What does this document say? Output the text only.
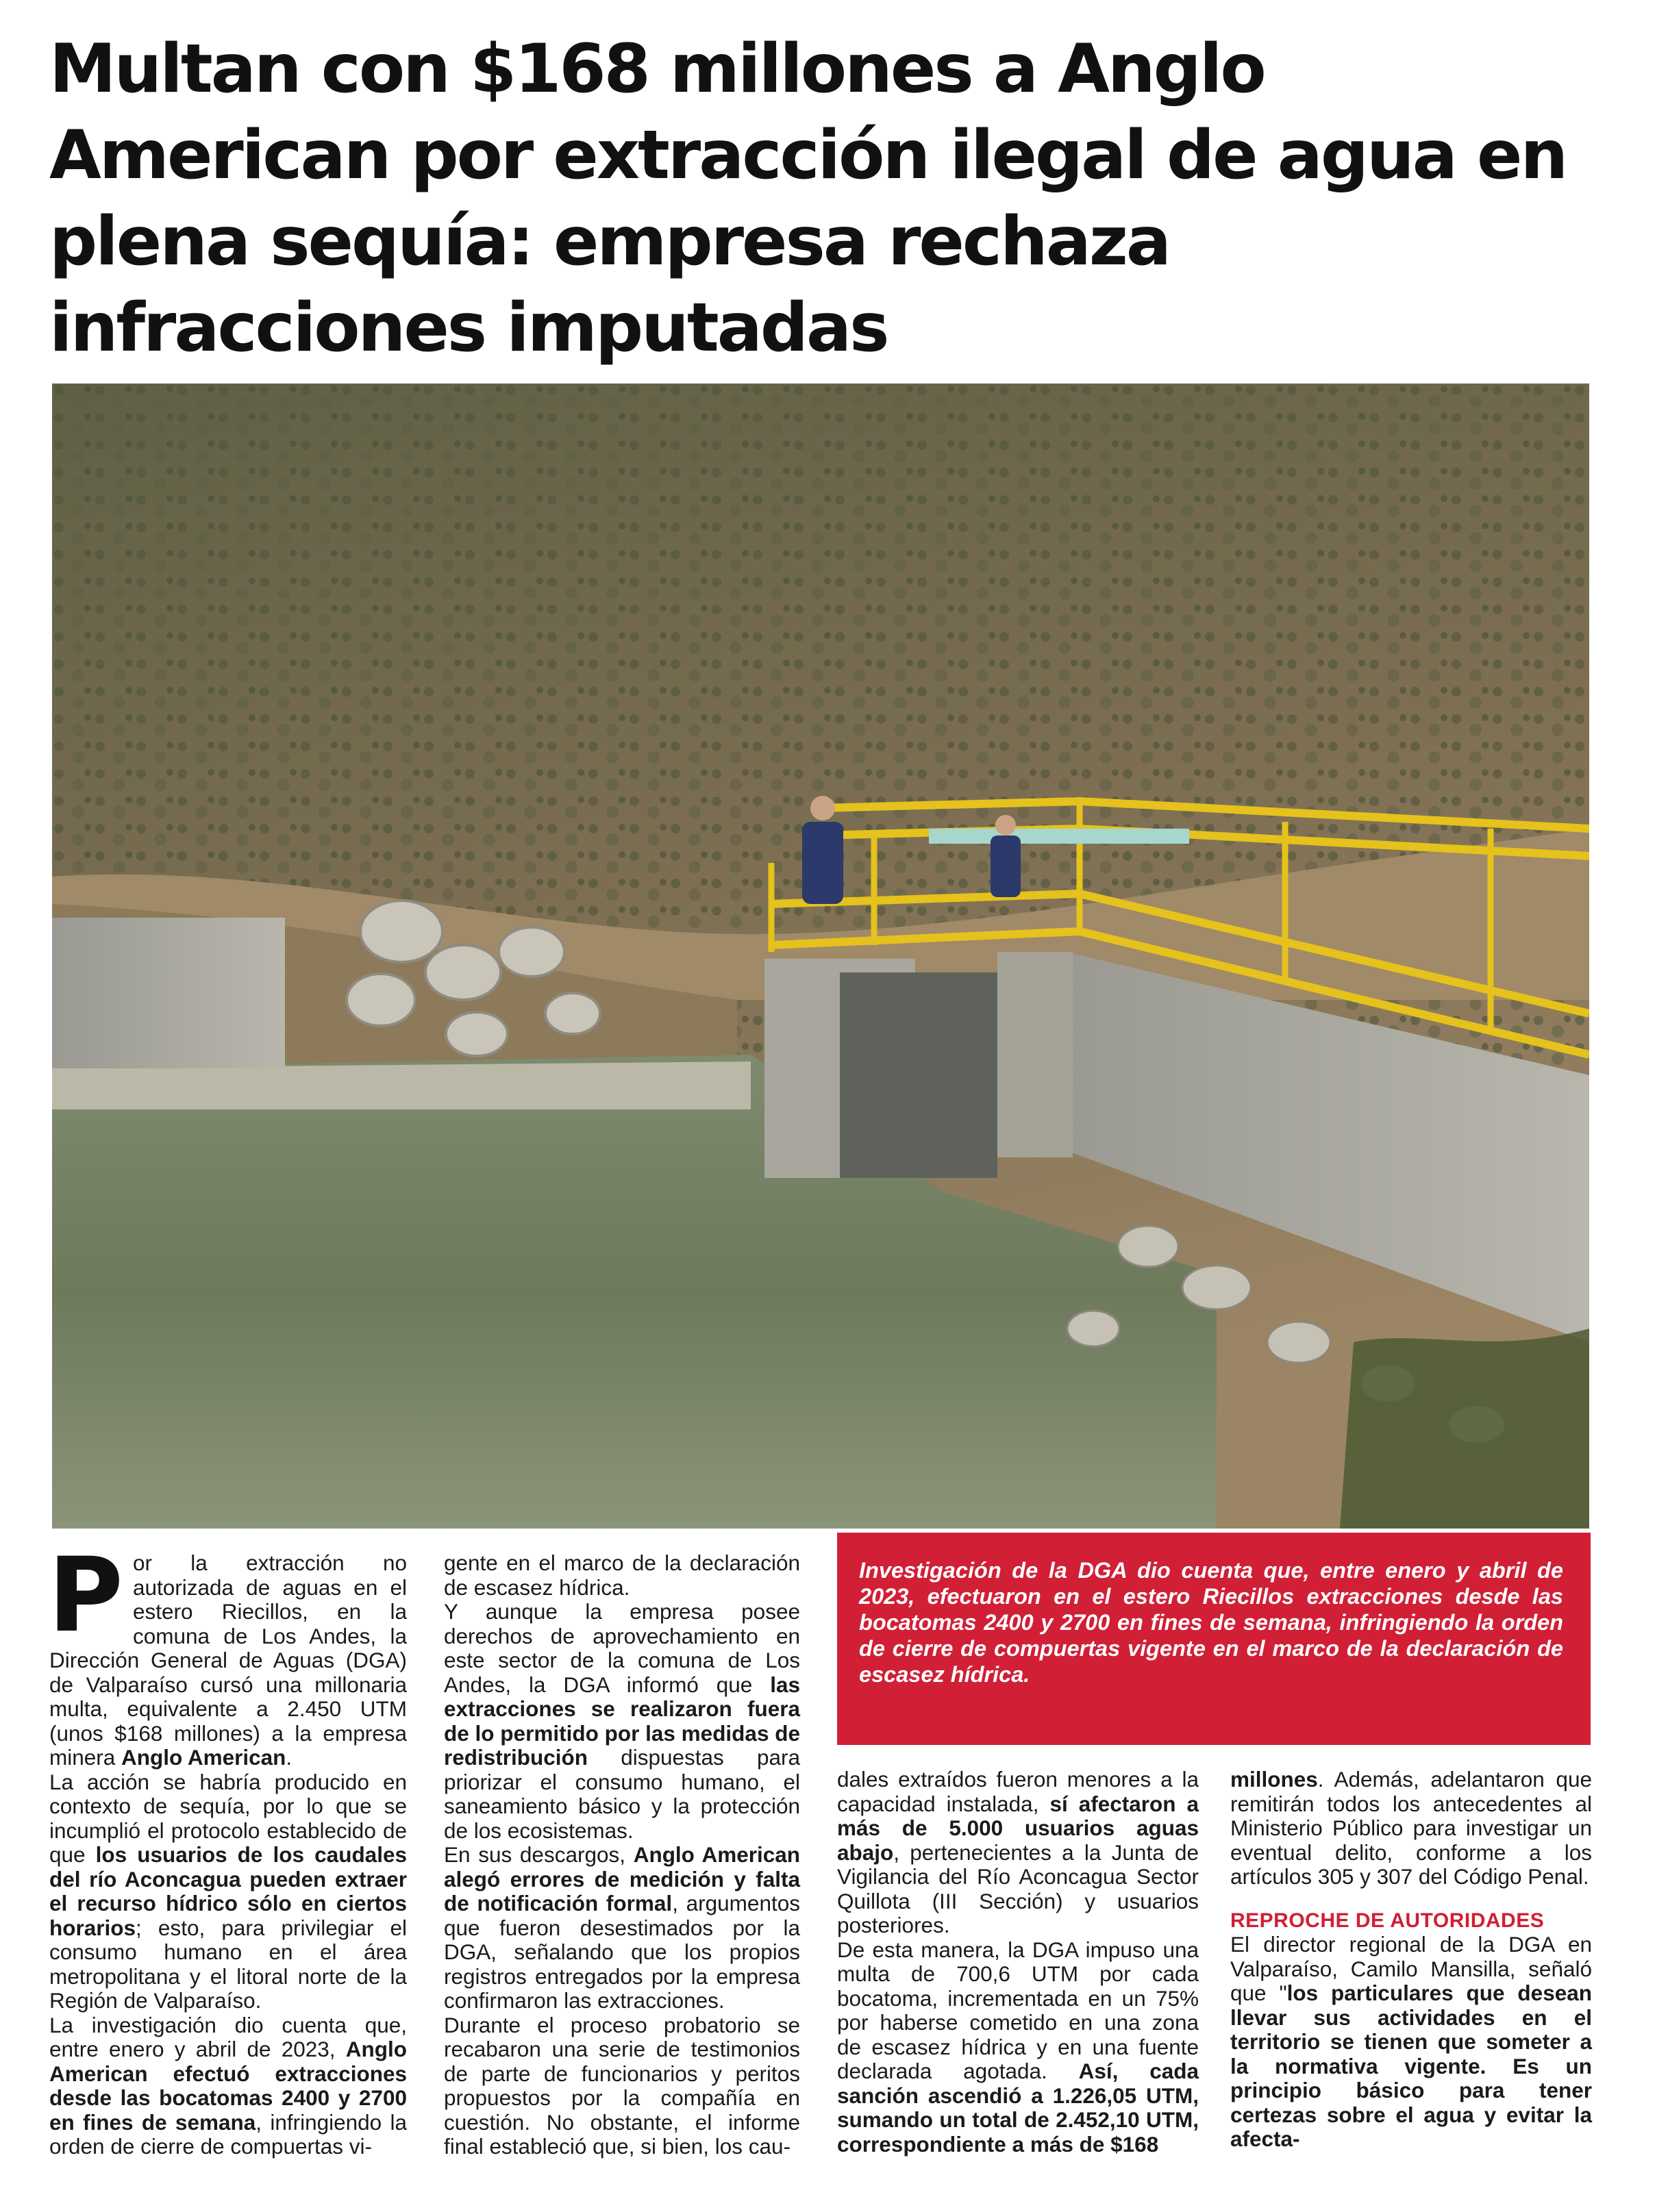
Multan con $168 millones a Anglo American por extracción ilegal de agua en plena sequía: empresa rechaza infracciones imputadas

Por la extracción no autorizada de aguas en el estero Riecillos, en la comuna de Los Andes, la Dirección General de Aguas (DGA) de Valparaíso cursó una millonaria multa, equivalente a 2.450 UTM (unos $168 millones) a la empresa minera Anglo American.

La acción se habría producido en contexto de sequía, por lo que se incumplió el protocolo establecido de que los usuarios de los caudales del río Aconcagua pueden extraer el recurso hídrico sólo en ciertos horarios; esto, para privilegiar el consumo humano en el área metropolitana y el litoral norte de la Región de Valparaíso.

La investigación dio cuenta que, entre enero y abril de 2023, Anglo American efectuó extracciones desde las bocatomas 2400 y 2700 en fines de semana, infringiendo la orden de cierre de compuertas vi-

gente en el marco de la declaración de escasez hídrica.

Y aunque la empresa posee derechos de aprovechamiento en este sector de la comuna de Los Andes, la DGA informó que las extracciones se realizaron fuera de lo permitido por las medidas de redistribución dispuestas para priorizar el consumo humano, el saneamiento básico y la protección de los ecosistemas.

En sus descargos, Anglo American alegó errores de medición y falta de notificación formal, argumentos que fueron desestimados por la DGA, señalando que los propios registros entregados por la empresa confirmaron las extracciones.

Durante el proceso probatorio se recabaron una serie de testimonios de parte de funcionarios y peritos propuestos por la compañía en cuestión. No obstante, el informe final estableció que, si bien, los cau-

Investigación de la DGA dio cuenta que, entre enero y abril de 2023, efectuaron en el estero Riecillos extracciones desde las bocatomas 2400 y 2700 en fines de semana, infringiendo la orden de cierre de compuertas vigente en el marco de la declaración de escasez hídrica.

dales extraídos fueron menores a la capacidad instalada, sí afectaron a más de 5.000 usuarios aguas abajo, pertenecientes a la Junta de Vigilancia del Río Aconcagua Sector Quillota (III Sección) y usuarios posteriores.

De esta manera, la DGA impuso una multa de 700,6 UTM por cada bocatoma, incrementada en un 75% por haberse cometido en una zona de escasez hídrica y en una fuente declarada agotada. Así, cada sanción ascendió a 1.226,05 UTM, sumando un total de 2.452,10 UTM, correspondiente a más de $168

millones. Además, adelantaron que remitirán todos los antecedentes al Ministerio Público para investigar un eventual delito, conforme a los artículos 305 y 307 del Código Penal.

REPROCHE DE AUTORIDADES

El director regional de la DGA en Valparaíso, Camilo Mansilla, señaló que "los particulares que desean llevar sus actividades en el territorio se tienen que someter a la normativa vigente. Es un principio básico para tener certezas sobre el agua y evitar la afecta-
